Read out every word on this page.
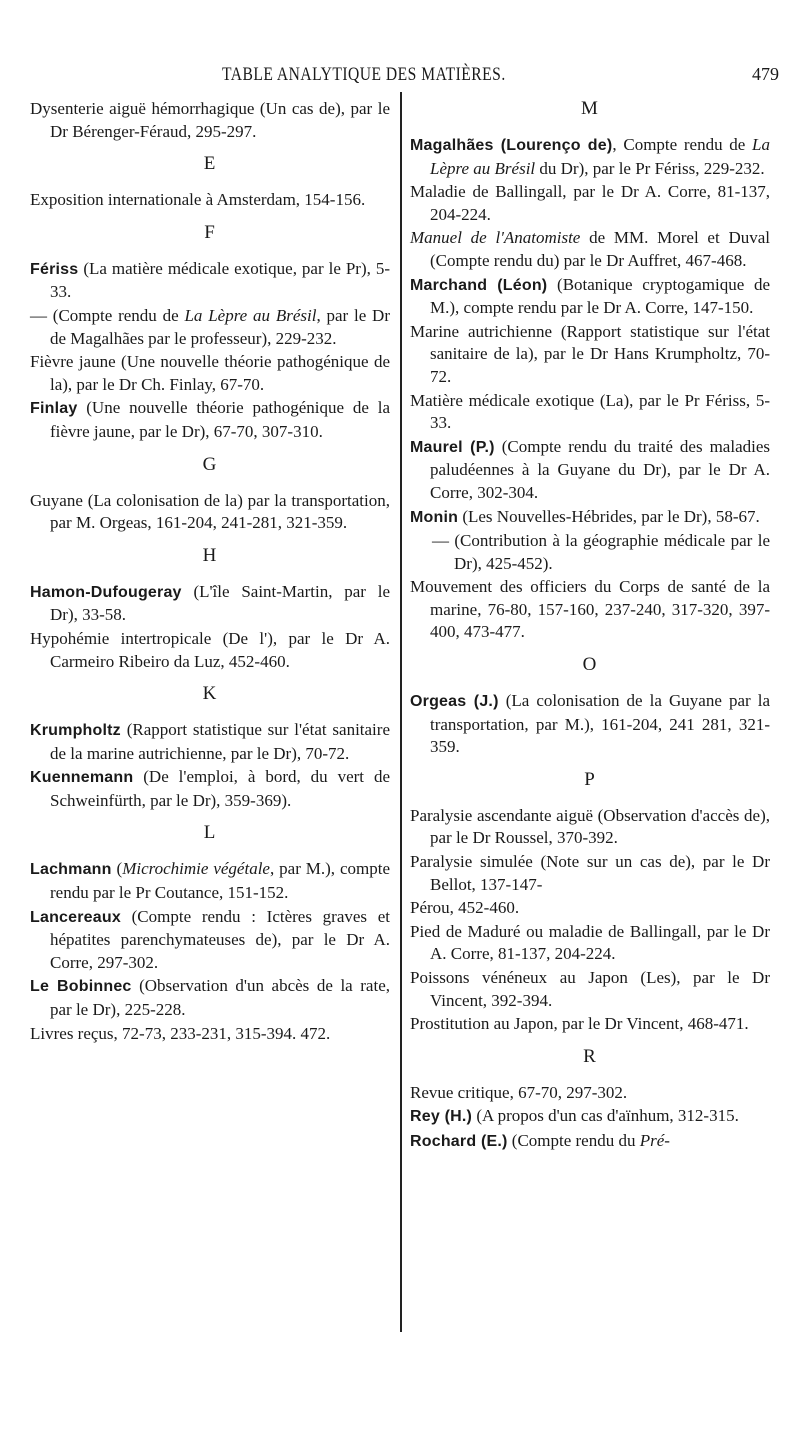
TABLE ANALYTIQUE DES MATIÈRES.	479

Dysenterie aiguë hémorrhagique (Un cas de), par le Dr Bérenger-Féraud, 295-297.

E

Exposition internationale à Amsterdam, 154-156.

F

Fériss (La matière médicale exotique, par le Pr), 5-33.

— (Compte rendu de La Lèpre au Brésil, par le Dr de Magalhães par le professeur), 229-232.

Fièvre jaune (Une nouvelle théorie pathogénique de la), par le Dr Ch. Finlay, 67-70.

Finlay (Une nouvelle théorie pathogénique de la fièvre jaune, par le Dr), 67-70, 307-310.

G

Guyane (La colonisation de la) par la transportation, par M. Orgeas, 161-204, 241-281, 321-359.

H

Hamon-Dufougeray (L'île Saint-Martin, par le Dr), 33-58.

Hypohémie intertropicale (De l'), par le Dr A. Carmeiro Ribeiro da Luz, 452-460.

K

Krumpholtz (Rapport statistique sur l'état sanitaire de la marine autrichienne, par le Dr), 70-72.

Kuennemann (De l'emploi, à bord, du vert de Schweinfürth, par le Dr), 359-369).

L

Lachmann (Microchimie végétale, par M.), compte rendu par le Pr Coutance, 151-152.

Lancereaux (Compte rendu : Ictères graves et hépatites parenchymateuses de), par le Dr A. Corre, 297-302.

Le Bobinnec (Observation d'un abcès de la rate, par le Dr), 225-228.

Livres reçus, 72-73, 233-231, 315-394. 472.

M

Magalhães (Lourenço de), Compte rendu de La Lèpre au Brésil du Dr), par le Pr Fériss, 229-232.

Maladie de Ballingall, par le Dr A. Corre, 81-137, 204-224.

Manuel de l'Anatomiste de MM. Morel et Duval (Compte rendu du) par le Dr Auffret, 467-468.

Marchand (Léon) (Botanique cryptogamique de M.), compte rendu par le Dr A. Corre, 147-150.

Marine autrichienne (Rapport statistique sur l'état sanitaire de la), par le Dr Hans Krumpholtz, 70-72.

Matière médicale exotique (La), par le Pr Fériss, 5-33.

Maurel (P.) (Compte rendu du traité des maladies paludéennes à la Guyane du Dr), par le Dr A. Corre, 302-304.

Monin (Les Nouvelles-Hébrides, par le Dr), 58-67.

— (Contribution à la géographie médicale par le Dr), 425-452).

Mouvement des officiers du Corps de santé de la marine, 76-80, 157-160, 237-240, 317-320, 397-400, 473-477.

O

Orgeas (J.) (La colonisation de la Guyane par la transportation, par M.), 161-204, 241 281, 321-359.

P

Paralysie ascendante aiguë (Observation d'accès de), par le Dr Roussel, 370-392.

Paralysie simulée (Note sur un cas de), par le Dr Bellot, 137-147-

Pérou, 452-460.

Pied de Maduré ou maladie de Ballingall, par le Dr A. Corre, 81-137, 204-224.

Poissons vénéneux au Japon (Les), par le Dr Vincent, 392-394.

Prostitution au Japon, par le Dr Vincent, 468-471.

R

Revue critique, 67-70, 297-302.

Rey (H.) (A propos d'un cas d'aïnhum, 312-315.

Rochard (E.) (Compte rendu du Pré-
